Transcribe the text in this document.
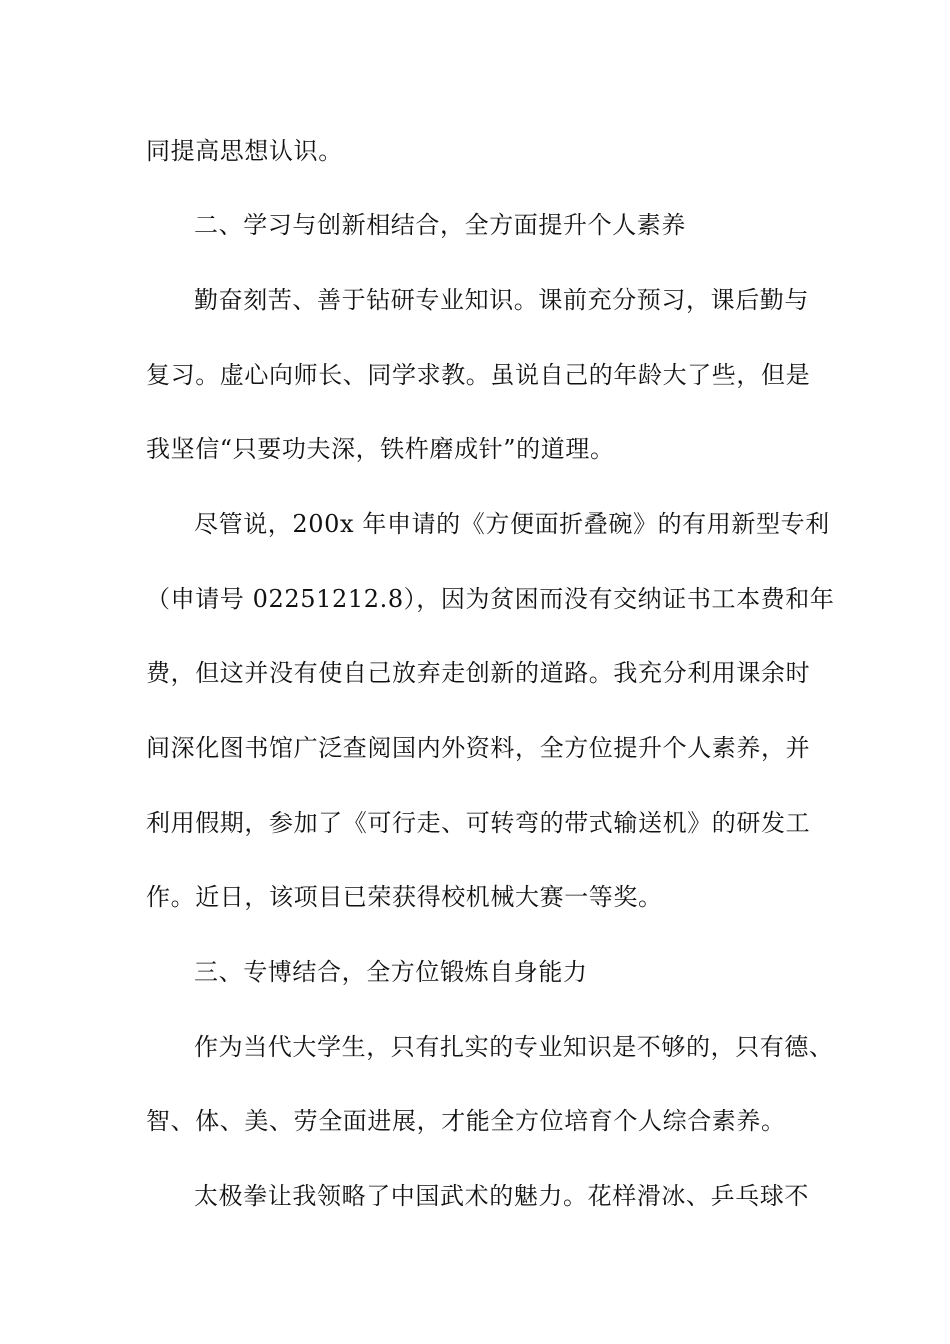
同提高思想认识。
二、学习与创新相结合，全方面提升个人素养
勤奋刻苦、善于钻研专业知识。课前充分预习，课后勤与
复习。虚心向师长、同学求教。虽说自己的年龄大了些，但是
我坚信“只要功夫深，铁杵磨成针”的道理。
尽管说，200x 年申请的《方便面折叠碗》的有用新型专利
（申请号 02251212.8），因为贫困而没有交纳证书工本费和年
费，但这并没有使自己放弃走创新的道路。我充分利用课余时
间深化图书馆广泛查阅国内外资料，全方位提升个人素养，并
利用假期，参加了《可行走、可转弯的带式输送机》的研发工
作。近日，该项目已荣获得校机械大赛一等奖。
三、专博结合，全方位锻炼自身能力
作为当代大学生，只有扎实的专业知识是不够的，只有德、
智、体、美、劳全面进展，才能全方位培育个人综合素养。
太极拳让我领略了中国武术的魅力。花样滑冰、乒乓球不
